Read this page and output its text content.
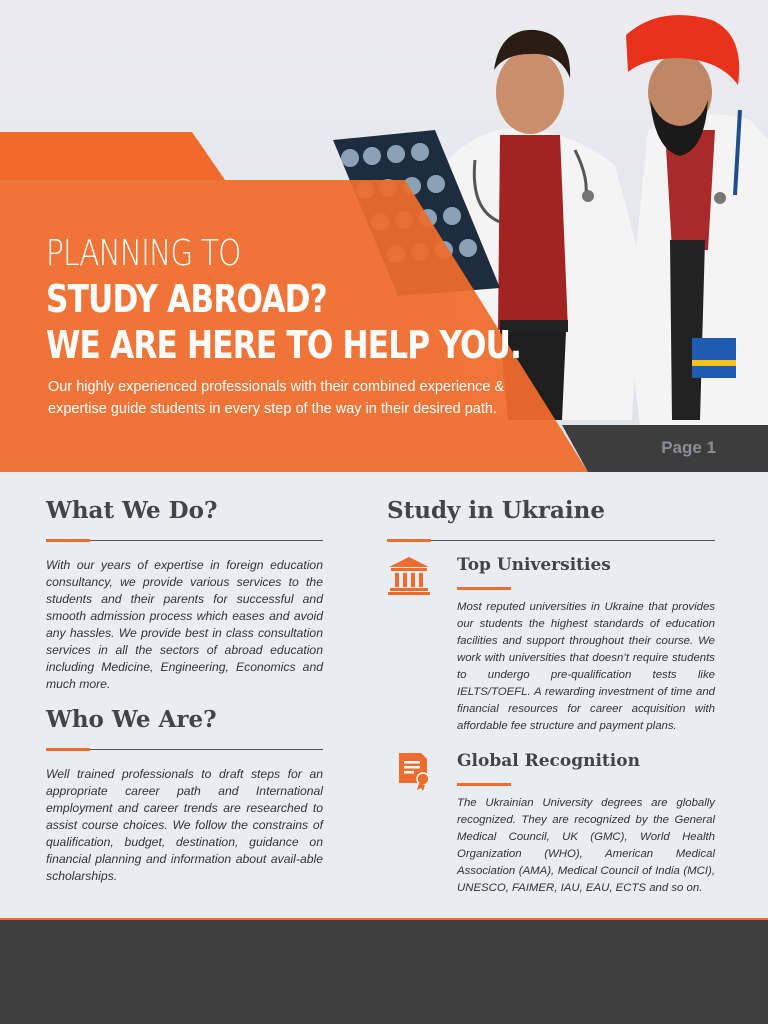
PLANNING TO
STUDY ABROAD?
WE ARE HERE TO HELP YOU.
Our highly experienced professionals with their combined experience & expertise guide students in every step of the way in their desired path.
Page 1
What We Do?
With our years of expertise in foreign education consultancy, we provide various services to the students and their parents for successful and smooth admission process which eases and avoid any hassles. We provide best in class consultation services in all the sectors of abroad education including Medicine, Engineering, Economics and much more.
Who We Are?
Well trained professionals to draft steps for an appropriate career path and International employment and career trends are researched to assist course choices. We follow the constrains of qualification, budget, destination, guidance on financial planning and information about avail-able scholarships.
Study in Ukraine
Top Universities
Most reputed universities in Ukraine that provides our students the highest standards of education facilities and support throughout their course. We work with universities that doesn’t require students to undergo pre-qualification tests like IELTS/TOEFL. A rewarding investment of time and financial resources for career acquisition with affordable fee structure and payment plans.
Global Recognition
The Ukrainian University degrees are globally recognized. They are recognized by the General Medical Council, UK (GMC), World Health Organization (WHO), American Medical Association (AMA), Medical Council of India (MCI), UNESCO, FAIMER, IAU, EAU, ECTS and so on.
